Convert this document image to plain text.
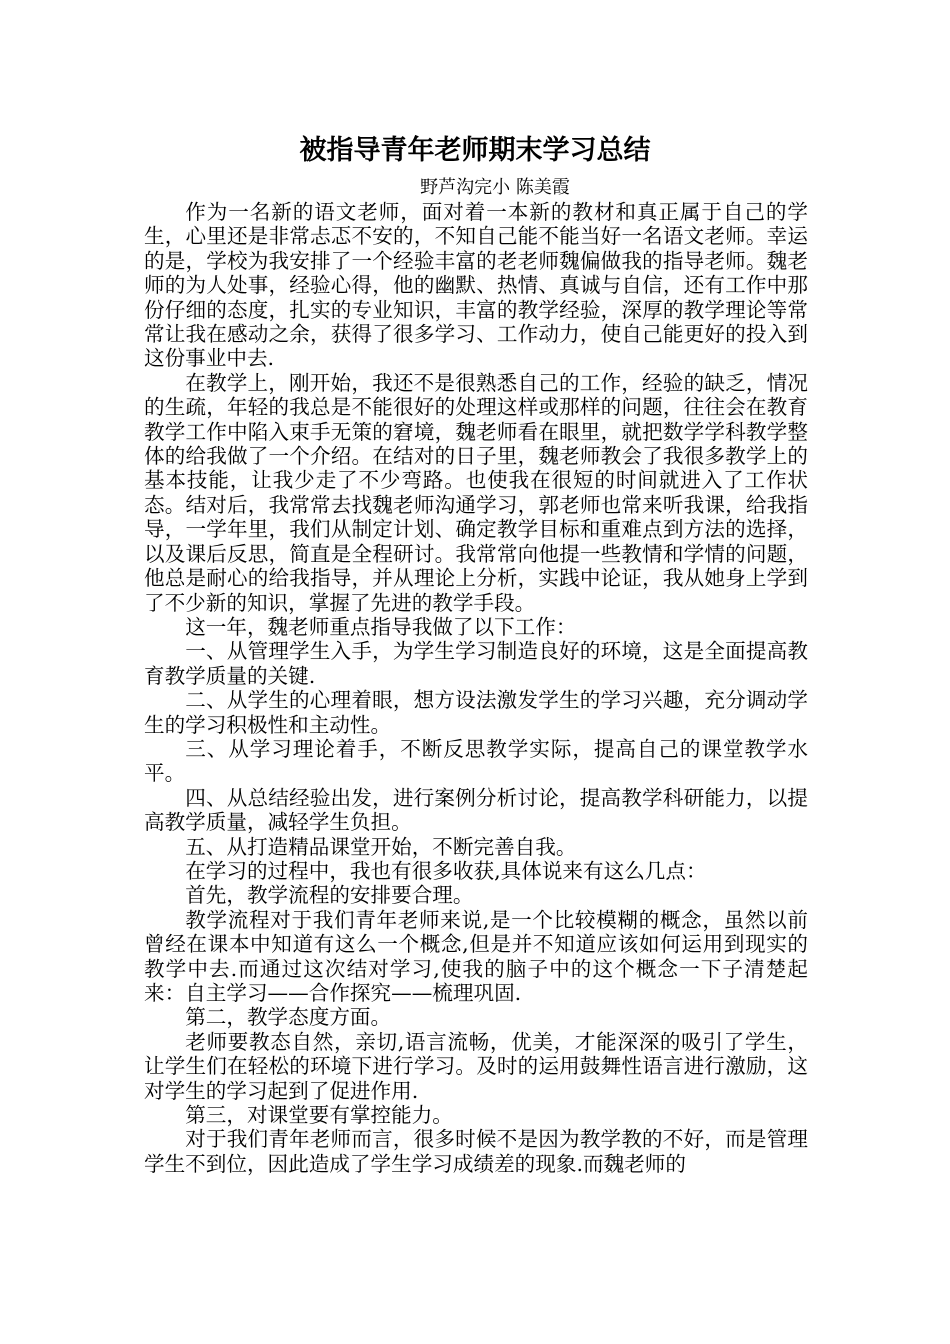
被指导青年老师期末学习总结
野芦沟完小 陈美霞

作为一名新的语文老师，面对着一本新的教材和真正属于自己的学生，心里还是非常忐忑不安的，不知自己能不能当好一名语文老师。幸运的是，学校为我安排了一个经验丰富的老老师魏偏做我的指导老师。魏老师的为人处事，经验心得，他的幽默、热情、真诚与自信，还有工作中那份仔细的态度，扎实的专业知识，丰富的教学经验，深厚的教学理论等常常让我在感动之余，获得了很多学习、工作动力，使自己能更好的投入到这份事业中去.

在教学上，刚开始，我还不是很熟悉自己的工作，经验的缺乏，情况的生疏，年轻的我总是不能很好的处理这样或那样的问题，往往会在教育教学工作中陷入束手无策的窘境，魏老师看在眼里，就把数学学科教学整体的给我做了一个介绍。在结对的日子里，魏老师教会了我很多教学上的基本技能，让我少走了不少弯路。也使我在很短的时间就进入了工作状态。结对后，我常常去找魏老师沟通学习，郭老师也常来听我课，给我指导，一学年里，我们从制定计划、确定教学目标和重难点到方法的选择，以及课后反思，简直是全程研讨。我常常向他提一些教情和学情的问题，他总是耐心的给我指导，并从理论上分析，实践中论证，我从她身上学到了不少新的知识，掌握了先进的教学手段。

这一年，魏老师重点指导我做了以下工作：

一、从管理学生入手，为学生学习制造良好的环境，这是全面提高教育教学质量的关键.

二、从学生的心理着眼，想方设法激发学生的学习兴趣，充分调动学生的学习积极性和主动性。

三、从学习理论着手，不断反思教学实际，提高自己的课堂教学水平。

四、从总结经验出发，进行案例分析讨论，提高教学科研能力，以提高教学质量，减轻学生负担。

五、从打造精品课堂开始，不断完善自我。

在学习的过程中，我也有很多收获,具体说来有这么几点：

首先，教学流程的安排要合理。

教学流程对于我们青年老师来说,是一个比较模糊的概念，虽然以前曾经在课本中知道有这么一个概念,但是并不知道应该如何运用到现实的教学中去.而通过这次结对学习,使我的脑子中的这个概念一下子清楚起来：自主学习——合作探究——梳理巩固.

第二，教学态度方面。

老师要教态自然，亲切,语言流畅，优美，才能深深的吸引了学生，让学生们在轻松的环境下进行学习。及时的运用鼓舞性语言进行激励，这对学生的学习起到了促进作用.

第三，对课堂要有掌控能力。

对于我们青年老师而言，很多时候不是因为教学教的不好，而是管理学生不到位，因此造成了学生学习成绩差的现象.而魏老师的
